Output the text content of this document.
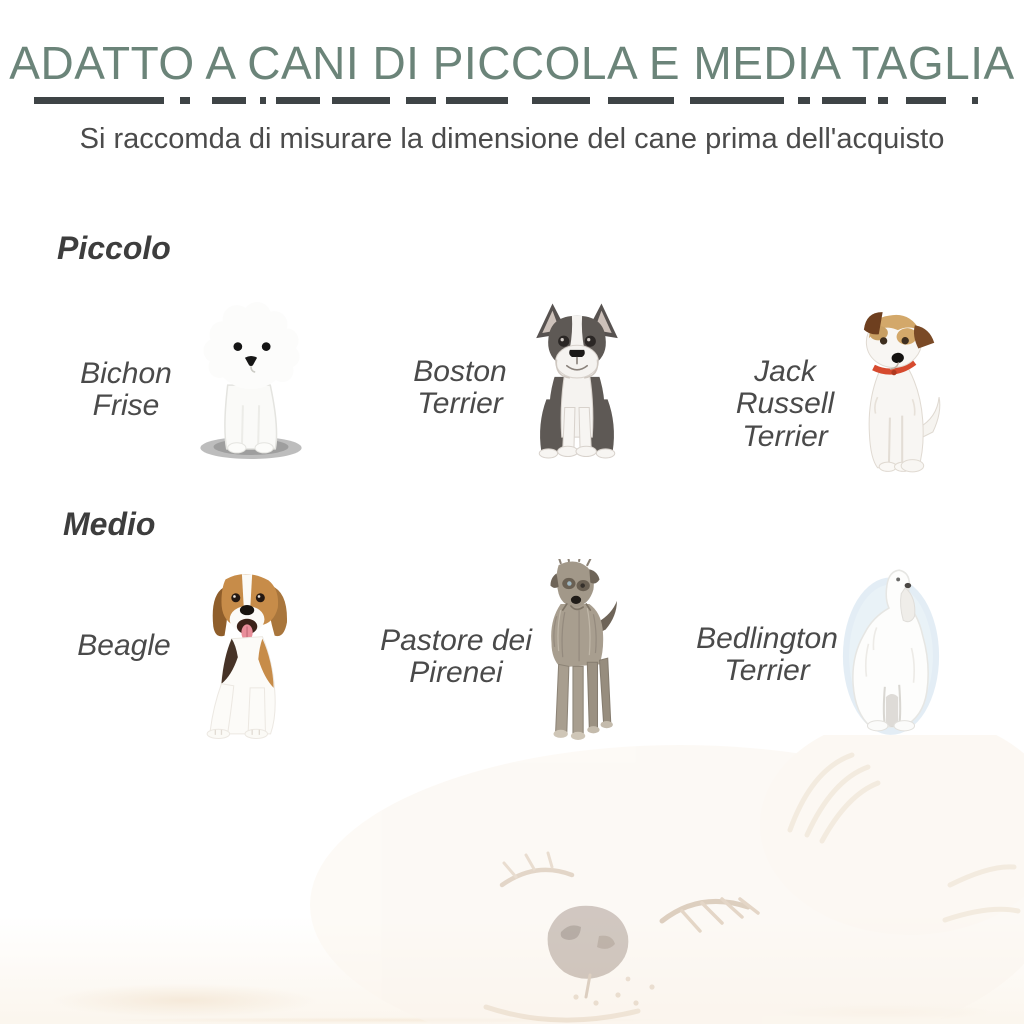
ADATTO A CANI DI PICCOLA E MEDIA TAGLIA

Si raccomda di misurare la dimensione del cane prima dell'acquisto

Piccolo
Bichon Frise
Boston Terrier
Jack Russell Terrier
Medio
Beagle	Pastore dei Pirenei
Bedlington Terrier
